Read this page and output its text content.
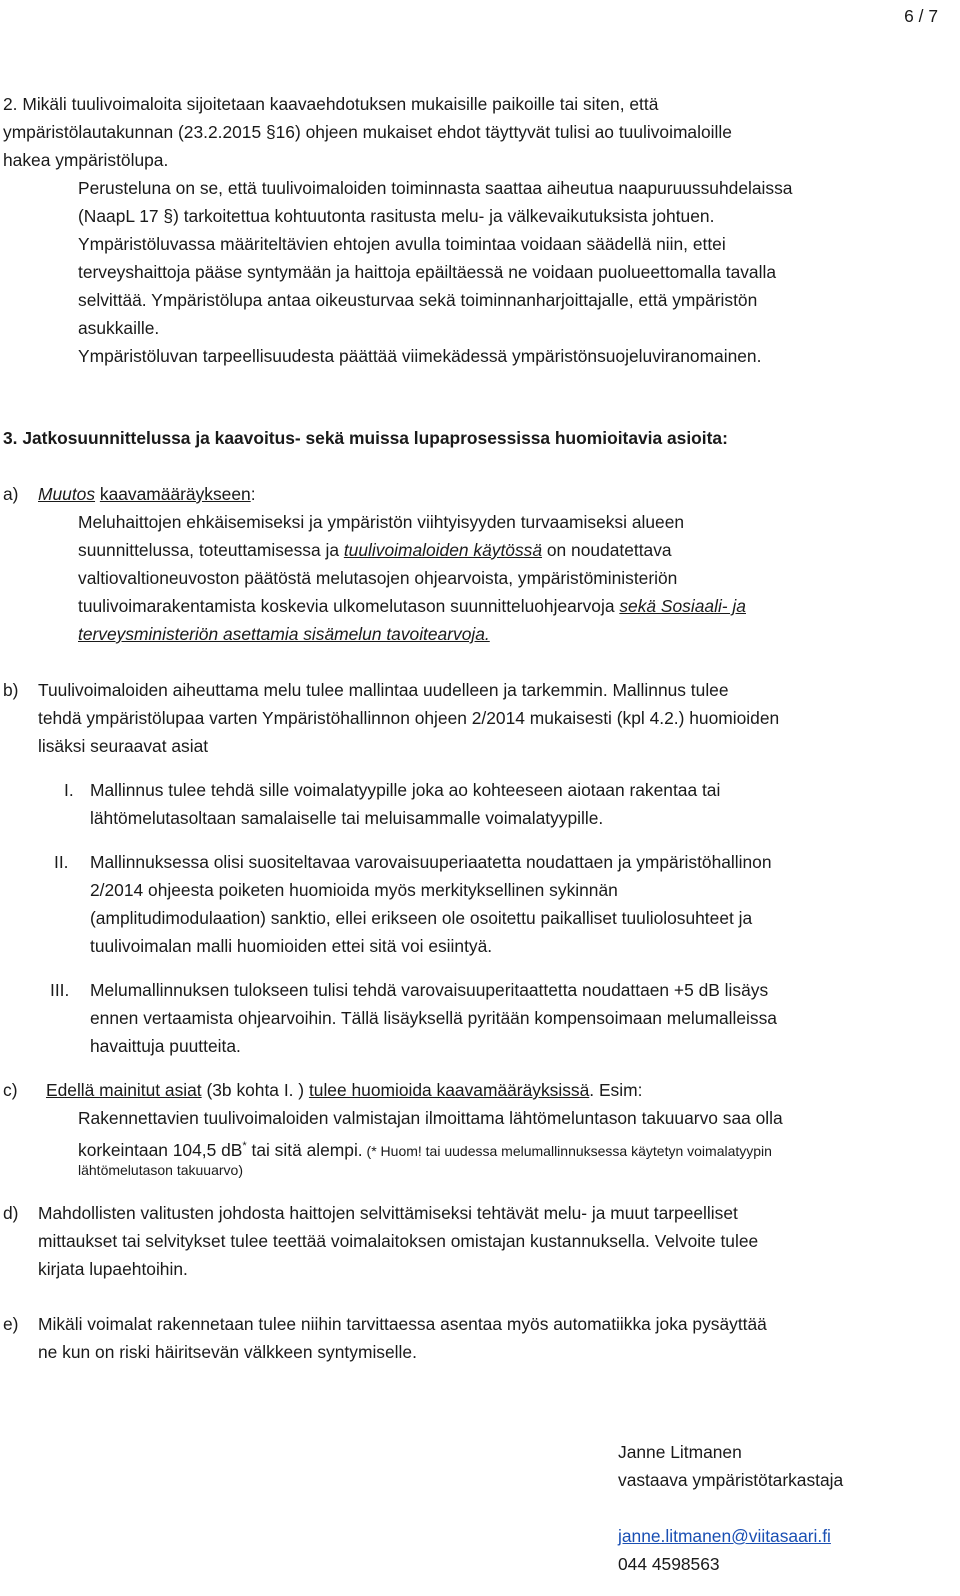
6 / 7
2. Mikäli tuulivoimaloita sijoitetaan kaavaehdotuksen mukaisille paikoille tai siten, että
ympäristölautakunnan (23.2.2015 §16) ohjeen mukaiset ehdot täyttyvät tulisi ao tuulivoimaloille
hakea ympäristölupa.
Perusteluna on se, että tuulivoimaloiden toiminnasta saattaa aiheutua naapuruussuhdelaissa
(NaapL 17 §) tarkoitettua kohtuutonta rasitusta melu- ja välkevaikutuksista johtuen.
Ympäristöluvassa määriteltävien ehtojen avulla toimintaa voidaan säädellä niin, ettei
terveyshaittoja pääse syntymään ja haittoja epäiltäessä ne voidaan puolueettomalla tavalla
selvittää. Ympäristölupa antaa oikeusturvaa sekä toiminnanharjoittajalle, että ympäristön
asukkaille.
Ympäristöluvan tarpeellisuudesta päättää viimekädessä ympäristönsuojeluviranomainen.
3. Jatkosuunnittelussa ja kaavoitus- sekä muissa lupaprosessissa huomioitavia asioita:
a) Muutos kaavamääräykseen:
Meluhaittojen ehkäisemiseksi ja ympäristön viihtyisyyden turvaamiseksi alueen
suunnittelussa, toteuttamisessa ja tuulivoimaloiden käytössä on noudatettava
valtiovaltioneuvoston päätöstä melutasojen ohjearvoista, ympäristöministeriön
tuulivoimarakentamista koskevia ulkomelutason suunnitteluohjearvoja sekä Sosiaali- ja
terveysministeriön asettamia sisämelun tavoitearvoja.
b) Tuulivoimaloiden aiheuttama melu tulee mallintaa uudelleen ja tarkemmin. Mallinnus tulee
tehdä ympäristölupaa varten Ympäristöhallinnon ohjeen 2/2014 mukaisesti (kpl 4.2.) huomioiden
lisäksi seuraavat asiat
I. Mallinnus tulee tehdä sille voimalatyypille joka ao kohteeseen aiotaan rakentaa tai
lähtömelutasoltaan samalaiselle tai meluisammalle voimalatyypille.
II. Mallinnuksessa olisi suositeltavaa varovaisuuperiaatetta noudattaen ja ympäristöhallinon
2/2014 ohjeesta poiketen huomioida myös merkityksellinen sykinnän
(amplitudimodulaation) sanktio, ellei erikseen ole osoitettu paikalliset tuuliolosuhteet ja
tuulivoimalan malli huomioiden ettei sitä voi esiintyä.
III. Melumallinnuksen tulokseen tulisi tehdä varovaisuuperitaattetta noudattaen +5 dB lisäys
ennen vertaamista ohjearvoihin. Tällä lisäyksellä pyritään kompensoimaan melumalleissa
havaittuja puutteita.
c) Edellä mainitut asiat (3b kohta I. ) tulee huomioida kaavamääräyksissä. Esim:
Rakennettavien tuulivoimaloiden valmistajan ilmoittama lähtömeluntason takuuarvo saa olla
korkeintaan 104,5 dB* tai sitä alempi. (* Huom! tai uudessa melumallinnuksessa käytetyn voimalatyypin
lähtömelutason takuuarvo)
d) Mahdollisten valitusten johdosta haittojen selvittämiseksi tehtävät melu- ja muut tarpeelliset
mittaukset tai selvitykset tulee teettää voimalaitoksen omistajan kustannuksella. Velvoite tulee
kirjata lupaehtoihin.
e) Mikäli voimalat rakennetaan tulee niihin tarvittaessa asentaa myös automatiikka joka pysäyttää
ne kun on riski häiritsevän välkkeen syntymiselle.
Janne Litmanen
vastaava ympäristötarkastaja
janne.litmanen@viitasaari.fi
044 4598563
